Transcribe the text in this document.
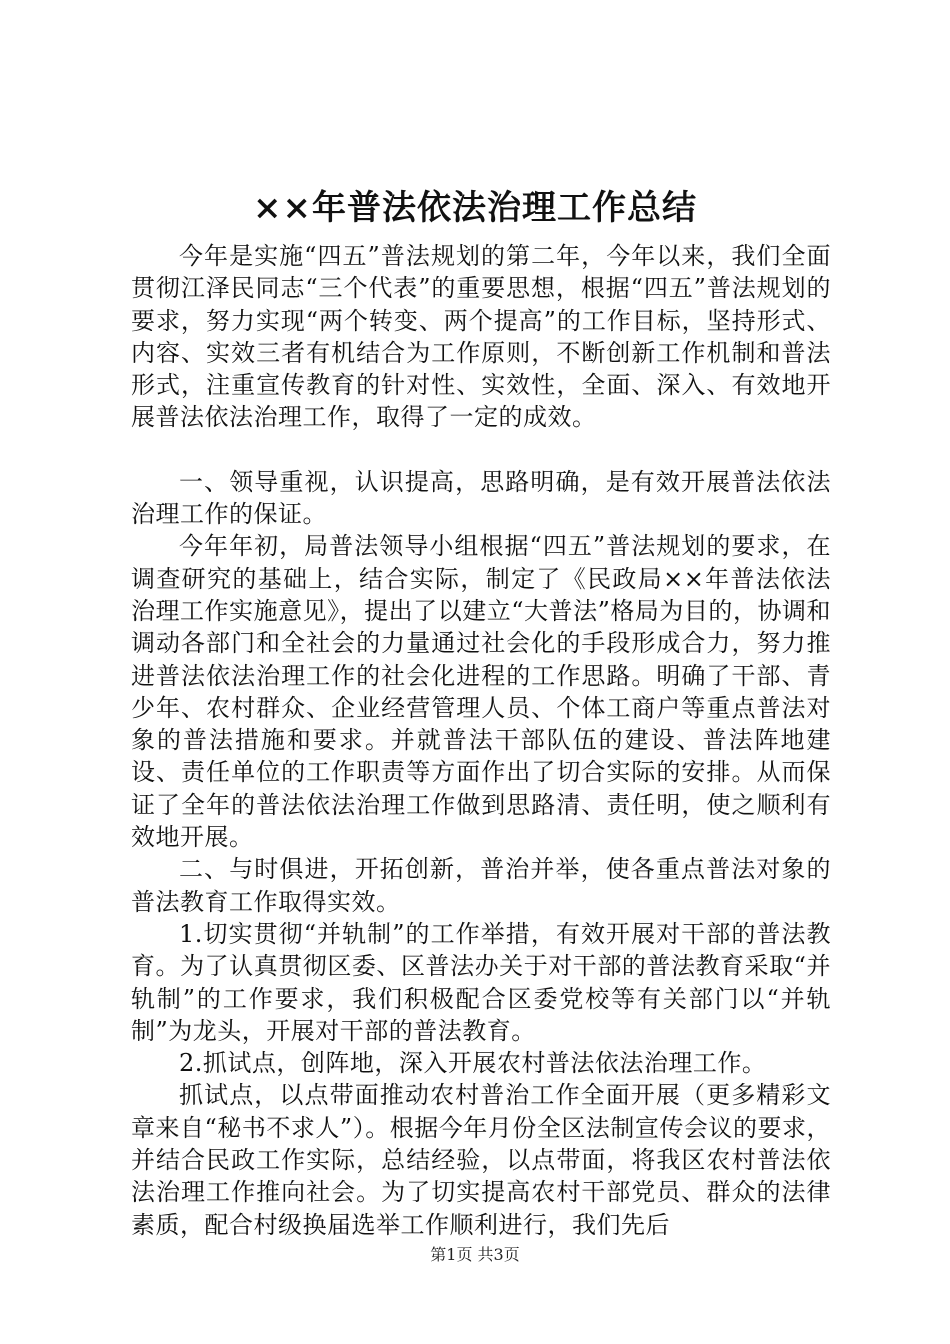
××年普法依法治理工作总结

今年是实施“四五”普法规划的第二年，今年以来，我们全面贯彻江泽民同志“三个代表”的重要思想，根据“四五”普法规划的要求，努力实现“两个转变、两个提高”的工作目标，坚持形式、内容、实效三者有机结合为工作原则，不断创新工作机制和普法形式，注重宣传教育的针对性、实效性，全面、深入、有效地开展普法依法治理工作，取得了一定的成效。

一、领导重视，认识提高，思路明确，是有效开展普法依法治理工作的保证。

今年年初，局普法领导小组根据“四五”普法规划的要求，在调查研究的基础上，结合实际，制定了《民政局××年普法依法治理工作实施意见》，提出了以建立“大普法”格局为目的，协调和调动各部门和全社会的力量通过社会化的手段形成合力，努力推进普法依法治理工作的社会化进程的工作思路。明确了干部、青少年、农村群众、企业经营管理人员、个体工商户等重点普法对象的普法措施和要求。并就普法干部队伍的建设、普法阵地建设、责任单位的工作职责等方面作出了切合实际的安排。从而保证了全年的普法依法治理工作做到思路清、责任明，使之顺利有效地开展。

二、与时俱进，开拓创新，普治并举，使各重点普法对象的普法教育工作取得实效。

1.切实贯彻“并轨制”的工作举措，有效开展对干部的普法教育。为了认真贯彻区委、区普法办关于对干部的普法教育采取“并轨制”的工作要求，我们积极配合区委党校等有关部门以“并轨制”为龙头，开展对干部的普法教育。

2.抓试点，创阵地，深入开展农村普法依法治理工作。

抓试点，以点带面推动农村普治工作全面开展（更多精彩文章来自“秘书不求人”）。根据今年月份全区法制宣传会议的要求，并结合民政工作实际，总结经验，以点带面，将我区农村普法依法治理工作推向社会。为了切实提高农村干部党员、群众的法律素质，配合村级换届选举工作顺利进行，我们先后

第1页 共3页
